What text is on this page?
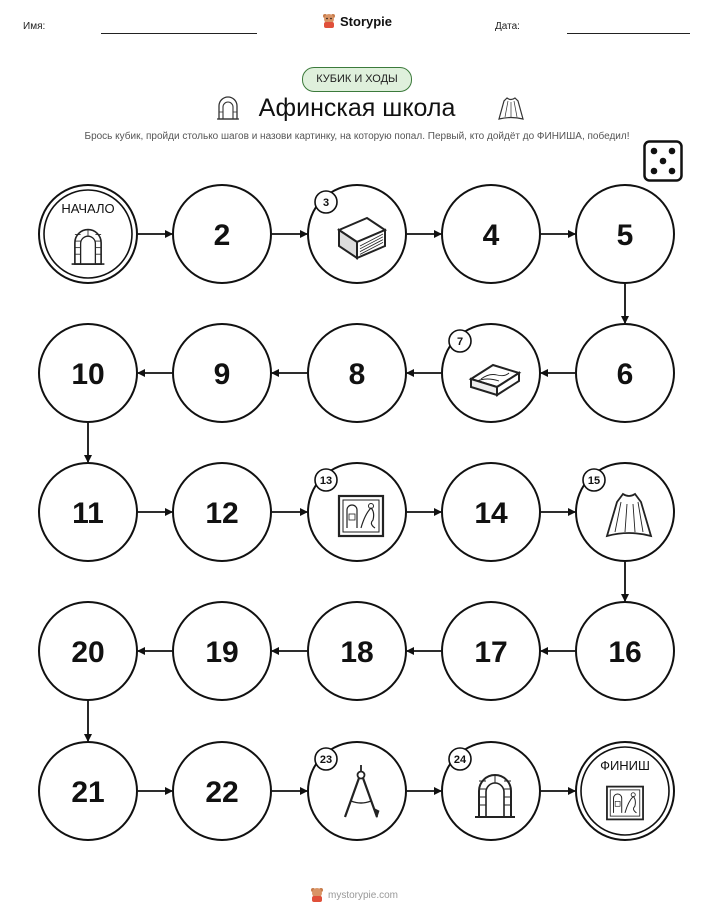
Имя:	Дата:
Storypie
КУБИК И ХОДЫ
Афинская школа
Брось кубик, пройди столько шагов и назови картинку, на которую попал. Первый, кто дойдёт до ФИНИША, победил!
НАЧАЛО
2
3
4	5
6
7
8
9
10
11	12
13
14
15
16
17
18
19
20
21	22
23	24	ФИНИШ
mystorypie.com
